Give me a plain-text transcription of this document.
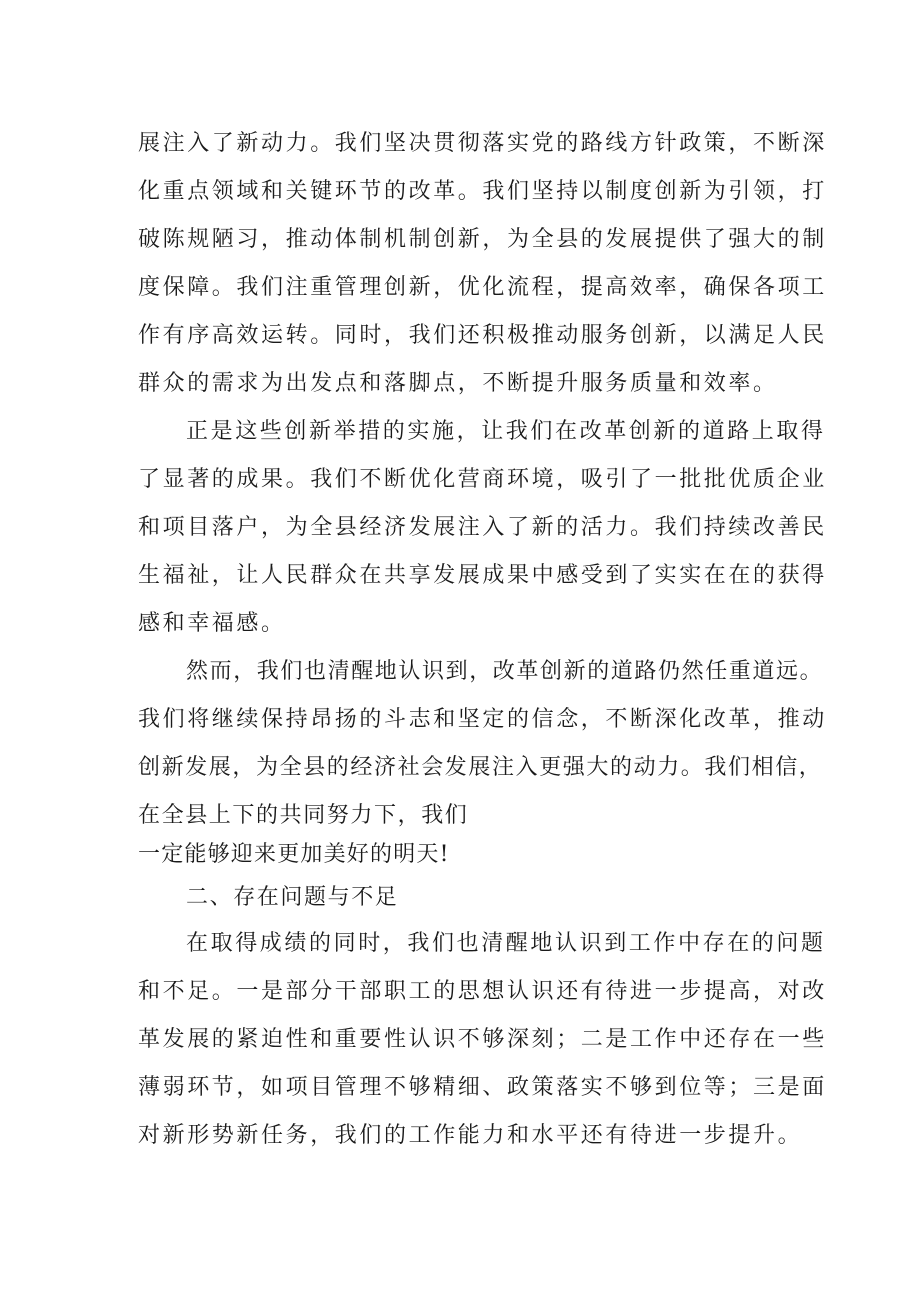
展注入了新动力。我们坚决贯彻落实党的路线方针政策，不断深
化重点领域和关键环节的改革。我们坚持以制度创新为引领，打
破陈规陋习，推动体制机制创新，为全县的发展提供了强大的制
度保障。我们注重管理创新，优化流程，提高效率，确保各项工
作有序高效运转。同时，我们还积极推动服务创新，以满足人民
群众的需求为出发点和落脚点，不断提升服务质量和效率。
正是这些创新举措的实施，让我们在改革创新的道路上取得
了显著的成果。我们不断优化营商环境，吸引了一批批优质企业
和项目落户，为全县经济发展注入了新的活力。我们持续改善民
生福祉，让人民群众在共享发展成果中感受到了实实在在的获得
感和幸福感。
然而，我们也清醒地认识到，改革创新的道路仍然任重道远。
我们将继续保持昂扬的斗志和坚定的信念，不断深化改革，推动
创新发展，为全县的经济社会发展注入更强大的动力。我们相信，
在全县上下的共同努力下，我们
一定能够迎来更加美好的明天!
二、存在问题与不足
在取得成绩的同时，我们也清醒地认识到工作中存在的问题
和不足。一是部分干部职工的思想认识还有待进一步提高，对改
革发展的紧迫性和重要性认识不够深刻；二是工作中还存在一些
薄弱环节，如项目管理不够精细、政策落实不够到位等；三是面
对新形势新任务，我们的工作能力和水平还有待进一步提升。
